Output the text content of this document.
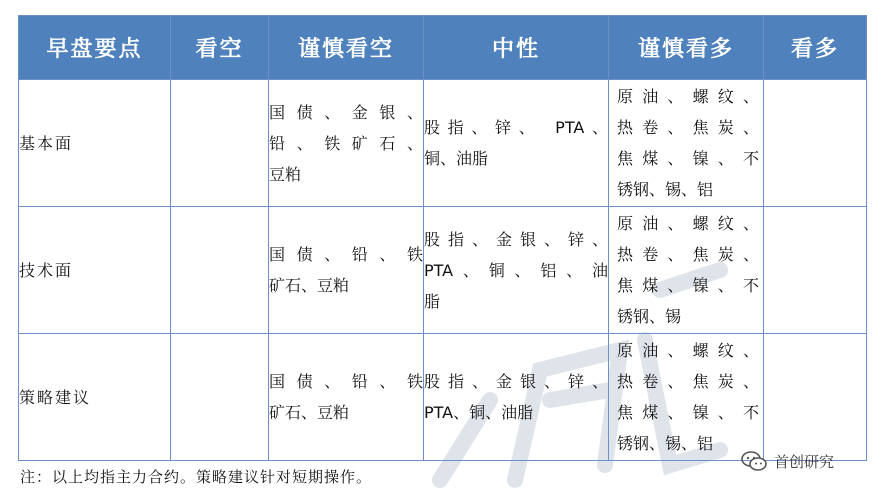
早盘要点	看空	谨慎看空	中性	谨慎看多	看多
基本面		国债、金银、
铅、铁矿石、
豆粕	股指、锌、 PTA、
铜、油脂	原油、螺纹、
热卷、焦炭、
焦煤、镍、不
锈钢、锡、铝	

技术面		国债、铅、铁
矿石、豆粕	股指、金银、锌、
PTA、铜、铝、油
脂	原油、螺纹、
热卷、焦炭、
焦煤、镍、不
锈钢、锡	

策略建议		国债、铅、铁
矿石、豆粕	股指、金银、锌、
PTA、铜、油脂	原油、螺纹、
热卷、焦炭、
焦煤、镍、不
锈钢、锡、铝	

注：以上均指主力合约。策略建议针对短期操作。
首创研究
